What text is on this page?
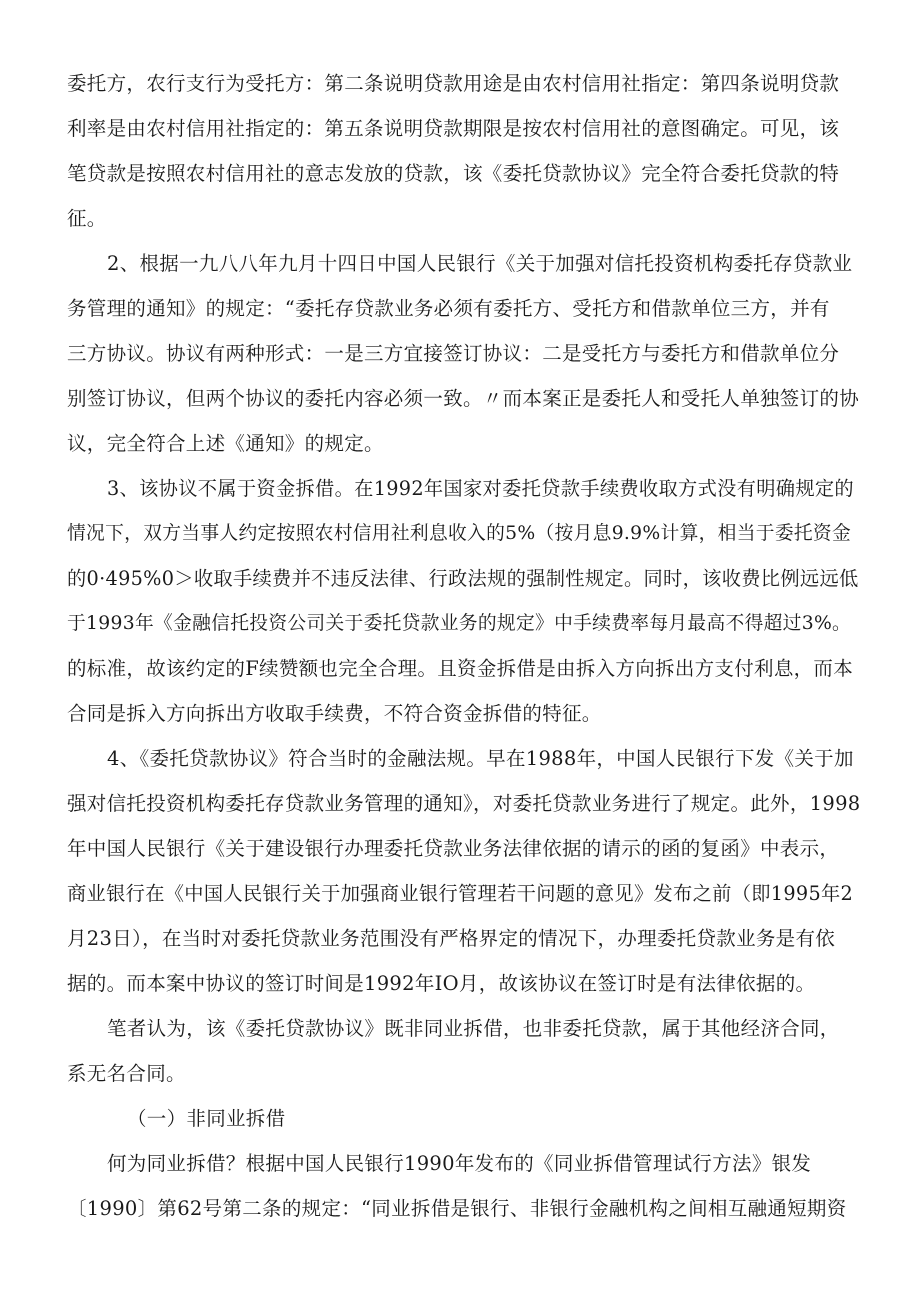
委托方，农行支行为受托方：第二条说明贷款用途是由农村信用社指定：第四条说明贷款
利率是由农村信用社指定的：第五条说明贷款期限是按农村信用社的意图确定。可见，该
笔贷款是按照农村信用社的意志发放的贷款，该《委托贷款协议》完全符合委托贷款的特
征。
2、根据一九八八年九月十四日中国人民银行《关于加强对信托投资机构委托存贷款业
务管理的通知》的规定：“委托存贷款业务必须有委托方、受托方和借款单位三方，并有
三方协议。协议有两种形式：一是三方宜接签订协议：二是受托方与委托方和借款单位分
别签订协议，但两个协议的委托内容必须一致。〃而本案正是委托人和受托人单独签订的协
议，完全符合上述《通知》的规定。
3、该协议不属于资金拆借。在1992年国家对委托贷款手续费收取方式没有明确规定的
情况下，双方当事人约定按照农村信用社利息收入的5%（按月息9.9%计算，相当于委托资金
的0·495%0＞收取手续费并不违反法律、行政法规的强制性规定。同时，该收费比例远远低
于1993年《金融信托投资公司关于委托贷款业务的规定》中手续费率每月最高不得超过3%。
的标准，故该约定的F续赞额也完全合理。且资金拆借是由拆入方向拆出方支付利息，而本
合同是拆入方向拆出方收取手续费，不符合资金拆借的特征。
4、《委托贷款协议》符合当时的金融法规。早在1988年，中国人民银行下发《关于加
强对信托投资机构委托存贷款业务管理的通知》，对委托贷款业务进行了规定。此外，1998
年中国人民银行《关于建设银行办理委托贷款业务法律依据的请示的函的复函》中表示，
商业银行在《中国人民银行关于加强商业银行管理若干问题的意见》发布之前（即1995年2
月23日），在当时对委托贷款业务范围没有严格界定的情况下，办理委托贷款业务是有依
据的。而本案中协议的签订时间是1992年IO月，故该协议在签订时是有法律依据的。
笔者认为，该《委托贷款协议》既非同业拆借，也非委托贷款，属于其他经济合同，
系无名合同。
（一）非同业拆借
何为同业拆借？根据中国人民银行1990年发布的《同业拆借管理试行方法》银发
〔1990〕第62号第二条的规定：“同业拆借是银行、非银行金融机构之间相互融通短期资
